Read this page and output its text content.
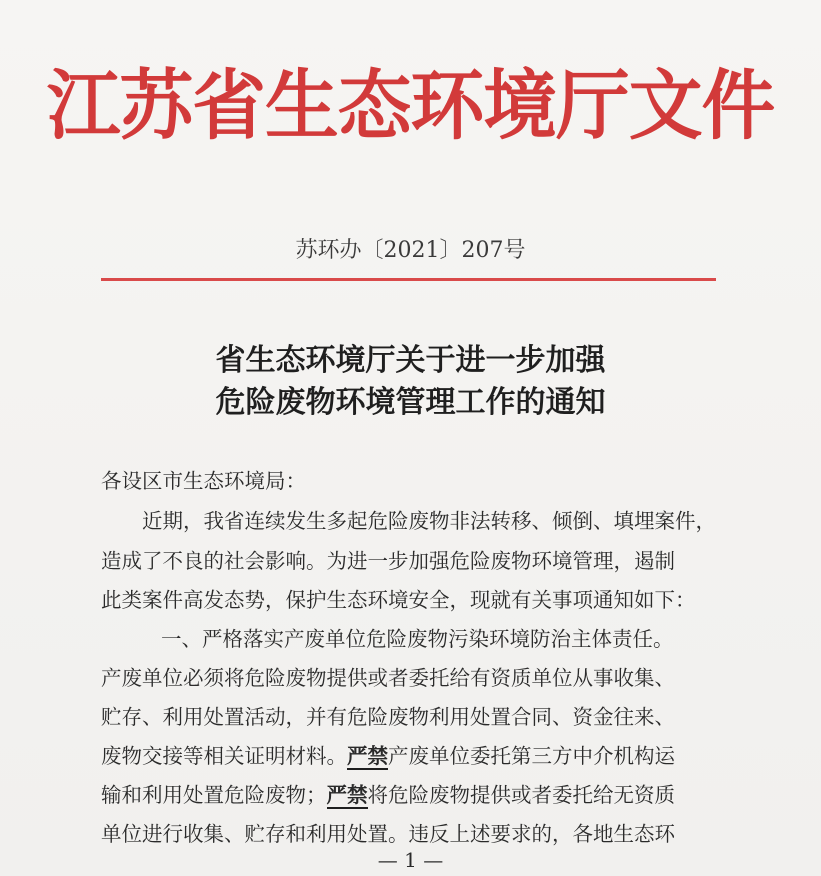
江苏省生态环境厅文件
苏环办〔2021〕207号
省生态环境厅关于进一步加强
危险废物环境管理工作的通知
各设区市生态环境局：
近期，我省连续发生多起危险废物非法转移、倾倒、填埋案件，
造成了不良的社会影响。为进一步加强危险废物环境管理，遏制
此类案件高发态势，保护生态环境安全，现就有关事项通知如下：
一、严格落实产废单位危险废物污染环境防治主体责任。
产废单位必须将危险废物提供或者委托给有资质单位从事收集、
贮存、利用处置活动，并有危险废物利用处置合同、资金往来、
废物交接等相关证明材料。严禁产废单位委托第三方中介机构运
输和利用处置危险废物；严禁将危险废物提供或者委托给无资质
单位进行收集、贮存和利用处置。违反上述要求的，各地生态环
— 1 —
